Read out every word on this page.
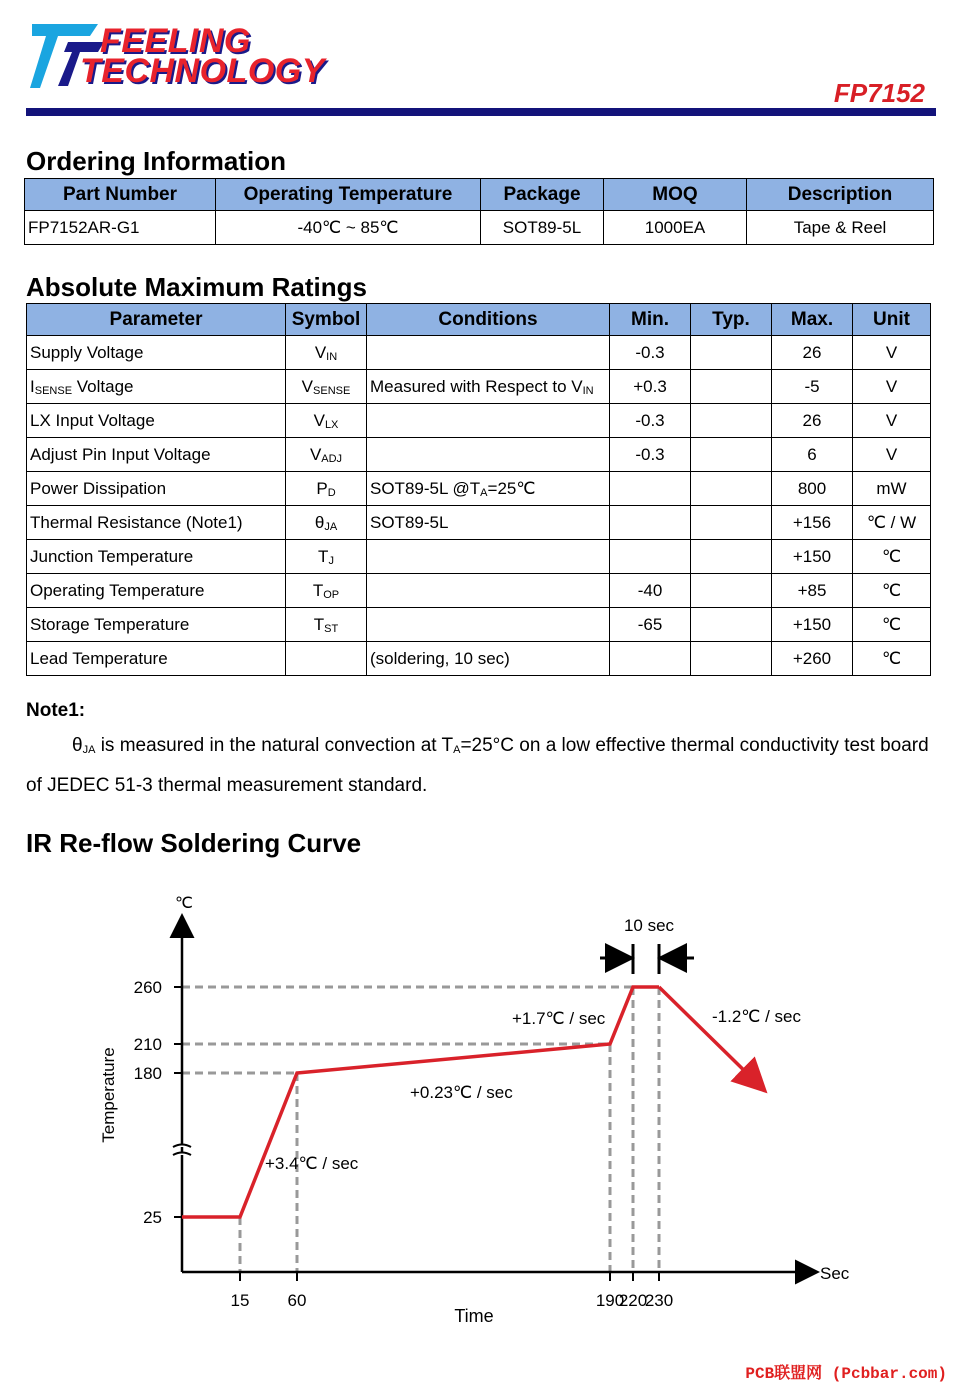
FEELING
TECHNOLOGY
FP7152
Ordering Information
Part Number	Operating Temperature	Package	MOQ	Description
FP7152AR-G1	-40℃ ~ 85℃	SOT89-5L	1000EA	Tape & Reel
Absolute Maximum Ratings
Parameter	Symbol	Conditions	Min.	Typ.	Max.	Unit
Supply Voltage	$V_{IN}$		-0.3		26	V
$I_{SENSE}$ Voltage	$V_{SENSE}$	Measured with Respect to $V_{IN}$	+0.3		-5	V
LX Input Voltage	$V_{LX}$		-0.3		26	V
Adjust Pin Input Voltage	$V_{ADJ}$		-0.3		6	V
Power Dissipation	$P_D$	SOT89-5L $@T_A=25℃$			800	mW
Thermal Resistance (Note1)	$\theta_{JA}$	SOT89-5L			+156	℃ / W
Junction Temperature	$T_J$				+150	℃
Operating Temperature	$T_{OP}$		-40		+85	℃
Storage Temperature	$T_{ST}$		-65		+150	℃
Lead Temperature		(soldering, 10 sec)			+260	℃
Note1:
$\theta_{JA}$ is measured in the natural convection at $T_A=25^\circ C$ on a low effective thermal conductivity test board of JEDEC 51-3 thermal measurement standard.
IR Re-flow Soldering Curve
25
180
210
260
15 60	190
220
230
℃
Sec
Time
Temperature
+3.4℃ / sec
+0.23℃ / sec
+1.7℃ / sec	-1.2℃ / sec
10 sec
PCB联盟网 (Pcbbar.com)
